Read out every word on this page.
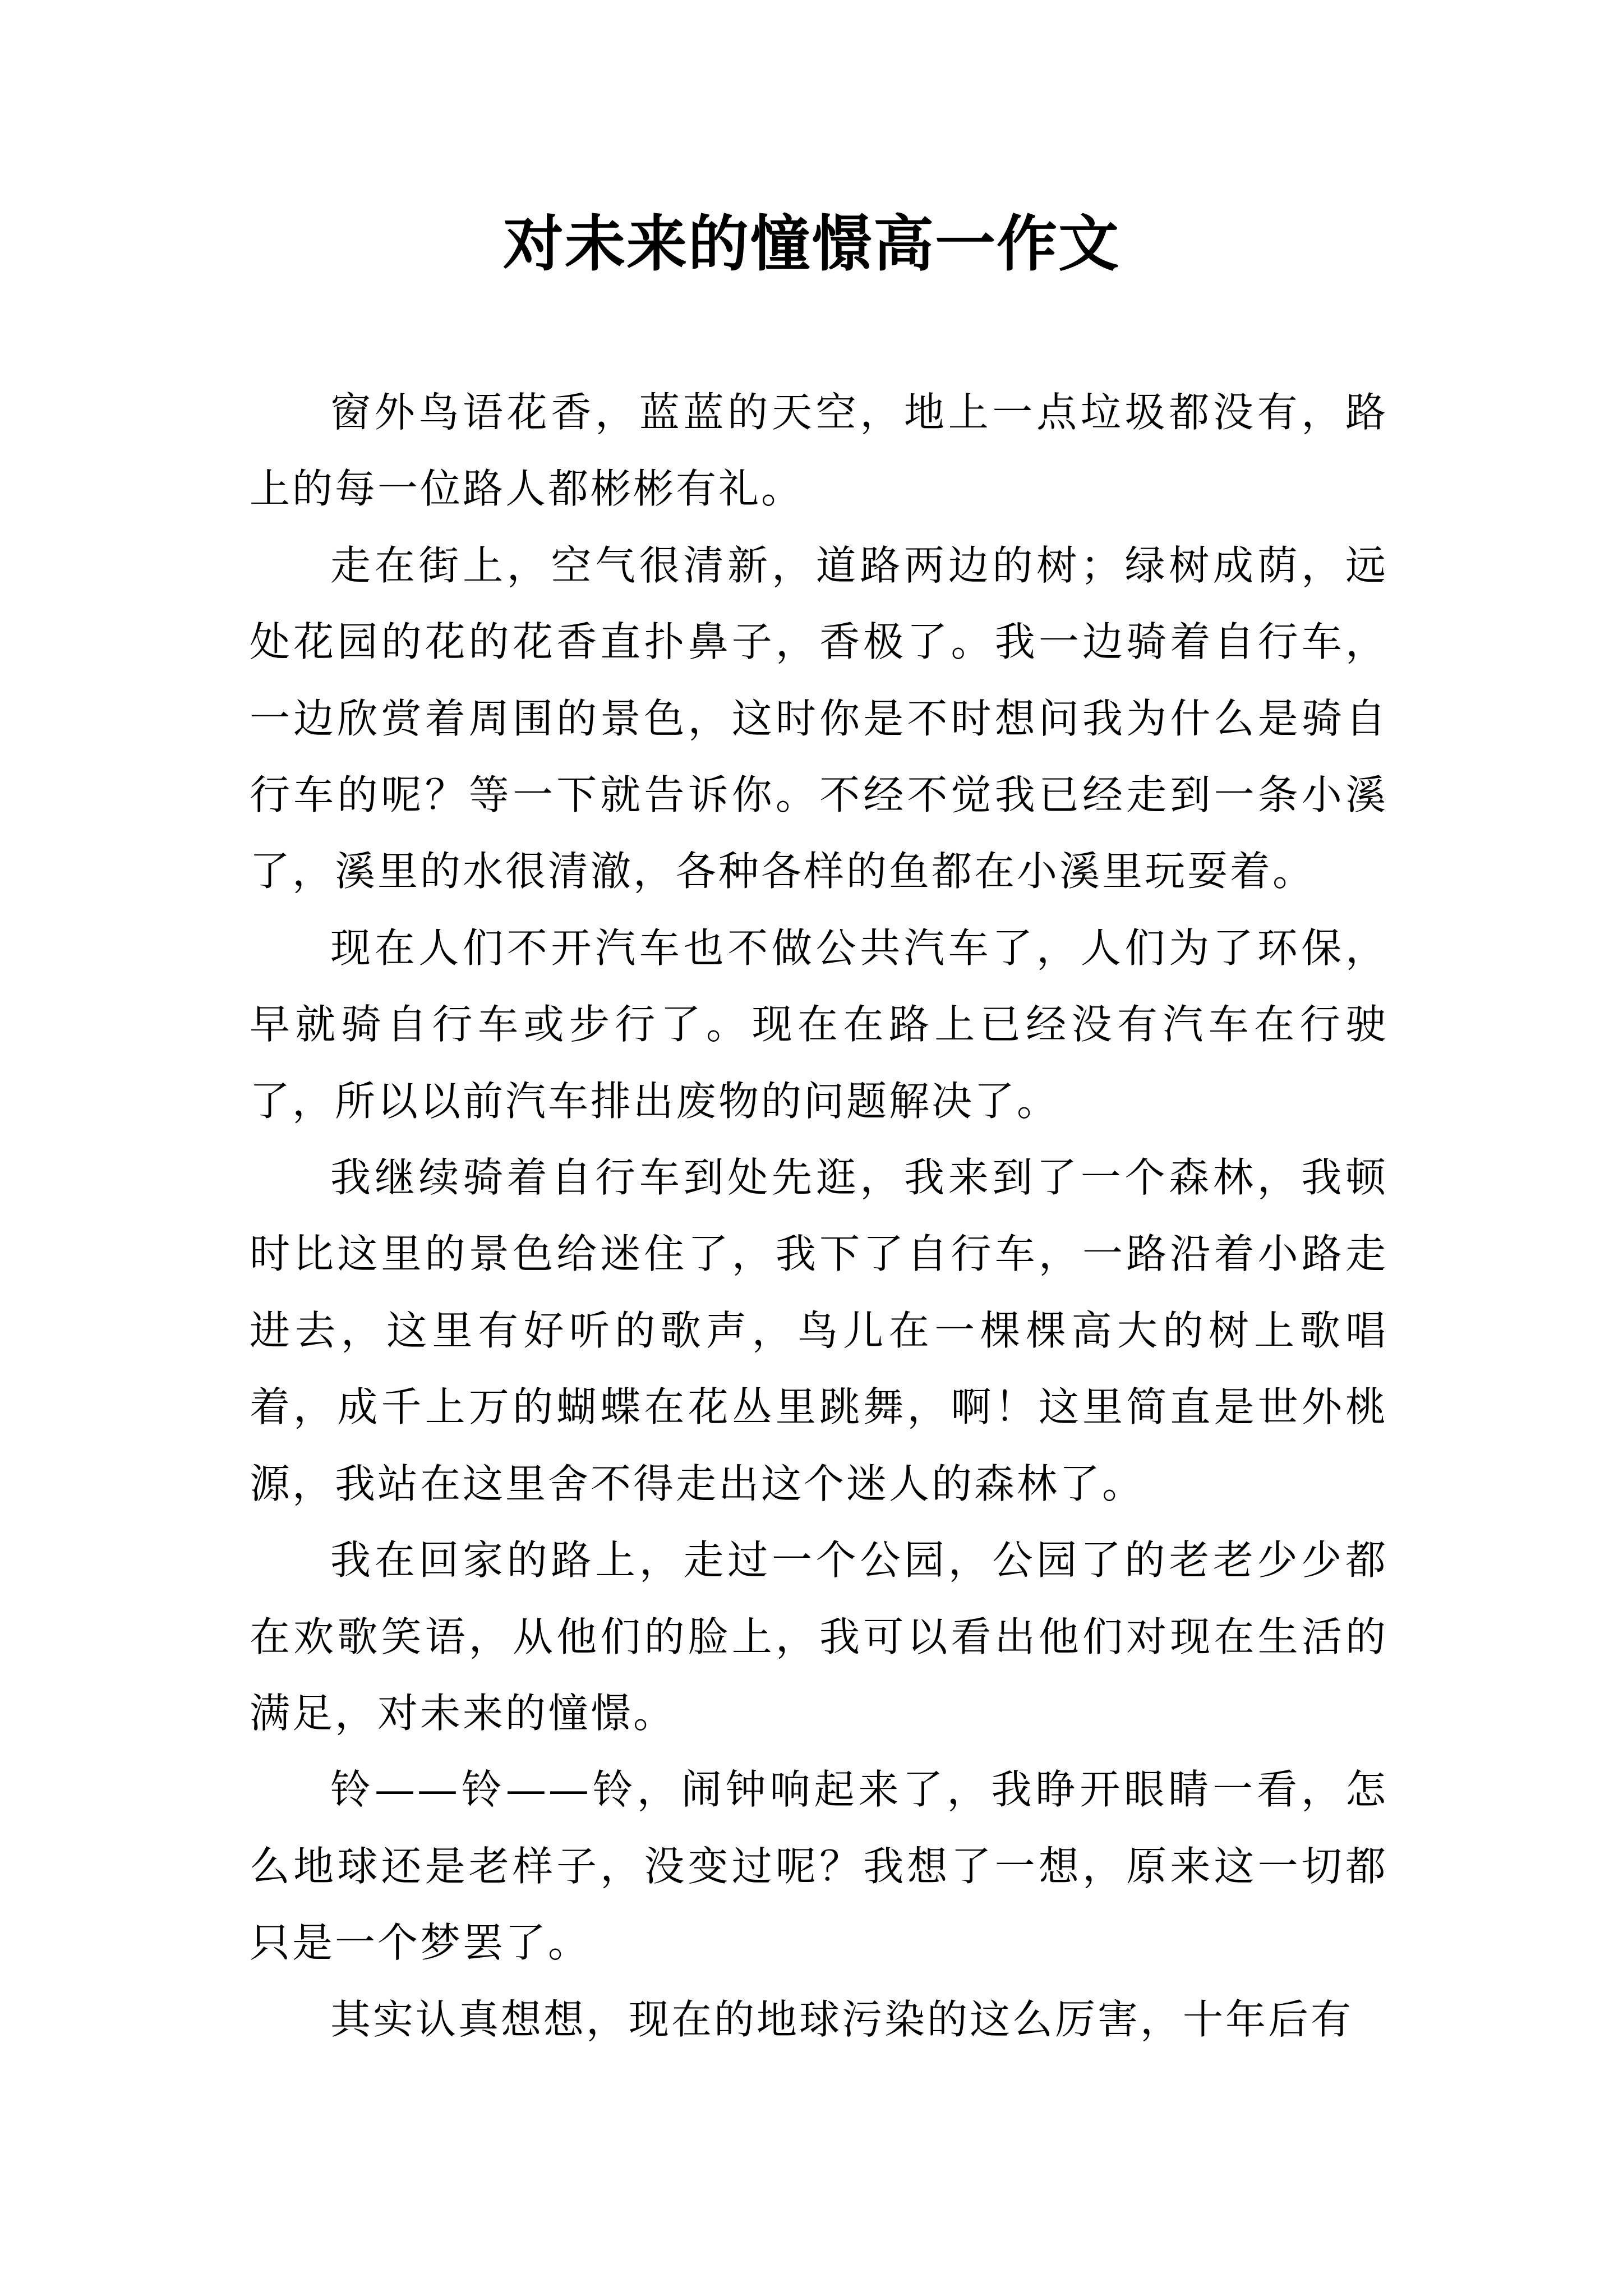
对未来的憧憬高一作文

窗外鸟语花香，蓝蓝的天空，地上一点垃圾都没有，路上的每一位路人都彬彬有礼。

走在街上，空气很清新，道路两边的树；绿树成荫，远处花园的花的花香直扑鼻子，香极了。我一边骑着自行车，一边欣赏着周围的景色，这时你是不时想问我为什么是骑自行车的呢？等一下就告诉你。不经不觉我已经走到一条小溪了，溪里的水很清澈，各种各样的鱼都在小溪里玩耍着。

现在人们不开汽车也不做公共汽车了，人们为了环保，早就骑自行车或步行了。现在在路上已经没有汽车在行驶了，所以以前汽车排出废物的问题解决了。

我继续骑着自行车到处先逛，我来到了一个森林，我顿时比这里的景色给迷住了，我下了自行车，一路沿着小路走进去，这里有好听的歌声，鸟儿在一棵棵高大的树上歌唱着，成千上万的蝴蝶在花丛里跳舞，啊！这里简直是世外桃源，我站在这里舍不得走出这个迷人的森林了。

我在回家的路上，走过一个公园，公园了的老老少少都在欢歌笑语，从他们的脸上，我可以看出他们对现在生活的满足，对未来的憧憬。

铃——铃——铃，闹钟响起来了，我睁开眼睛一看，怎么地球还是老样子，没变过呢？我想了一想，原来这一切都只是一个梦罢了。

其实认真想想，现在的地球污染的这么厉害，十年后有
